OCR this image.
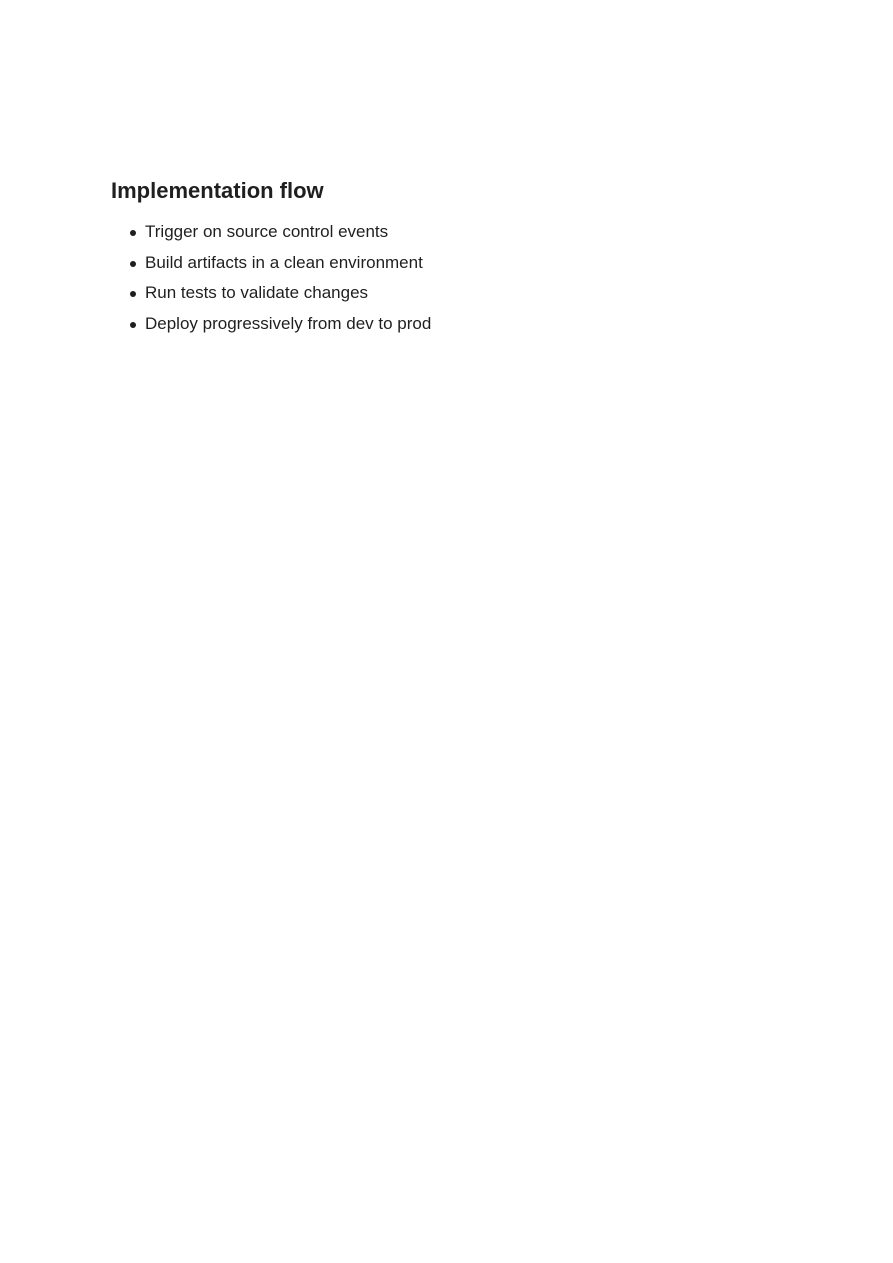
Implementation flow
Trigger on source control events
Build artifacts in a clean environment
Run tests to validate changes
Deploy progressively from dev to prod
